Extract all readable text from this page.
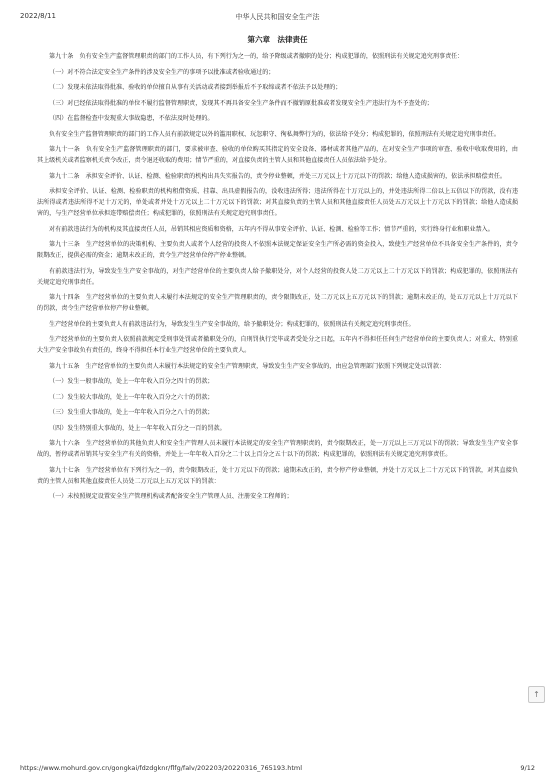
2022/8/11	中华人民共和国安全生产法
第六章　法律责任

第九十条　负有安全生产监督管理职责的部门的工作人员，有下列行为之一的，给予降级或者撤职的处分；构成犯罪的，依照刑法有关规定追究刑事责任：

（一）对不符合法定安全生产条件的涉及安全生产的事项予以批准或者验收通过的；

（二）发现未依法取得批准、验收的单位擅自从事有关活动或者接到举报后不予取缔或者不依法予以处理的；

（三）对已经依法取得批准的单位不履行监督管理职责，发现其不再具备安全生产条件而不撤销原批准或者发现安全生产违法行为不予查处的；

（四）在监督检查中发现重大事故隐患，不依法及时处理的。

负有安全生产监督管理职责的部门的工作人员有前款规定以外的滥用职权、玩忽职守、徇私舞弊行为的，依法给予处分；构成犯罪的，依照刑法有关规定追究刑事责任。

第九十一条　负有安全生产监督管理职责的部门，要求被审查、验收的单位购买其指定的安全设备、器材或者其他产品的，在对安全生产事项的审查、验收中收取费用的，由其上级机关或者监察机关责令改正，责令退还收取的费用；情节严重的，对直接负责的主管人员和其他直接责任人员依法给予处分。

第九十二条　承担安全评价、认证、检测、检验职责的机构出具失实报告的，责令停业整顿，并处三万元以上十万元以下的罚款；给他人造成损害的，依法承担赔偿责任。

承担安全评价、认证、检测、检验职责的机构租借资质、挂靠、出具虚假报告的，没收违法所得；违法所得在十万元以上的，并处违法所得二倍以上五倍以下的罚款，没有违法所得或者违法所得不足十万元的，单处或者并处十万元以上二十万元以下的罚款；对其直接负责的主管人员和其他直接责任人员处五万元以上十万元以下的罚款；给他人造成损害的，与生产经营单位承担连带赔偿责任；构成犯罪的，依照刑法有关规定追究刑事责任。

对有前款违法行为的机构及其直接责任人员，吊销其相应资质和资格，五年内不得从事安全评价、认证、检测、检验等工作；情节严重的，实行终身行业和职业禁入。

第九十三条　生产经营单位的决策机构、主要负责人或者个人经营的投资人不依照本法规定保证安全生产所必需的资金投入，致使生产经营单位不具备安全生产条件的，责令限期改正，提供必需的资金；逾期未改正的，责令生产经营单位停产停业整顿。

有前款违法行为，导致发生生产安全事故的，对生产经营单位的主要负责人给予撤职处分，对个人经营的投资人处二万元以上二十万元以下的罚款；构成犯罪的，依照刑法有关规定追究刑事责任。

第九十四条　生产经营单位的主要负责人未履行本法规定的安全生产管理职责的，责令限期改正，处二万元以上五万元以下的罚款；逾期未改正的，处五万元以上十万元以下的罚款，责令生产经营单位停产停业整顿。

生产经营单位的主要负责人有前款违法行为，导致发生生产安全事故的，给予撤职处分；构成犯罪的，依照刑法有关规定追究刑事责任。

生产经营单位的主要负责人依照前款规定受刑事处罚或者撤职处分的，自刑罚执行完毕或者受处分之日起，五年内不得担任任何生产经营单位的主要负责人；对重大、特别重大生产安全事故负有责任的，终身不得担任本行业生产经营单位的主要负责人。

第九十五条　生产经营单位的主要负责人未履行本法规定的安全生产管理职责，导致发生生产安全事故的，由应急管理部门依照下列规定处以罚款：

（一）发生一般事故的，处上一年年收入百分之四十的罚款；

（二）发生较大事故的，处上一年年收入百分之六十的罚款；

（三）发生重大事故的，处上一年年收入百分之八十的罚款；

（四）发生特别重大事故的，处上一年年收入百分之一百的罚款。

第九十六条　生产经营单位的其他负责人和安全生产管理人员未履行本法规定的安全生产管理职责的，责令限期改正，处一万元以上三万元以下的罚款；导致发生生产安全事故的，暂停或者吊销其与安全生产有关的资格，并处上一年年收入百分之二十以上百分之五十以下的罚款；构成犯罪的，依照刑法有关规定追究刑事责任。

第九十七条　生产经营单位有下列行为之一的，责令限期改正，处十万元以下的罚款；逾期未改正的，责令停产停业整顿，并处十万元以上二十万元以下的罚款，对其直接负责的主管人员和其他直接责任人员处二万元以上五万元以下的罚款：

（一）未按照规定设置安全生产管理机构或者配备安全生产管理人员、注册安全工程师的；

↑
https://www.mohurd.gov.cn/gongkai/fdzdgknr/flfg/falv/202203/20220316_765193.html	9/12
